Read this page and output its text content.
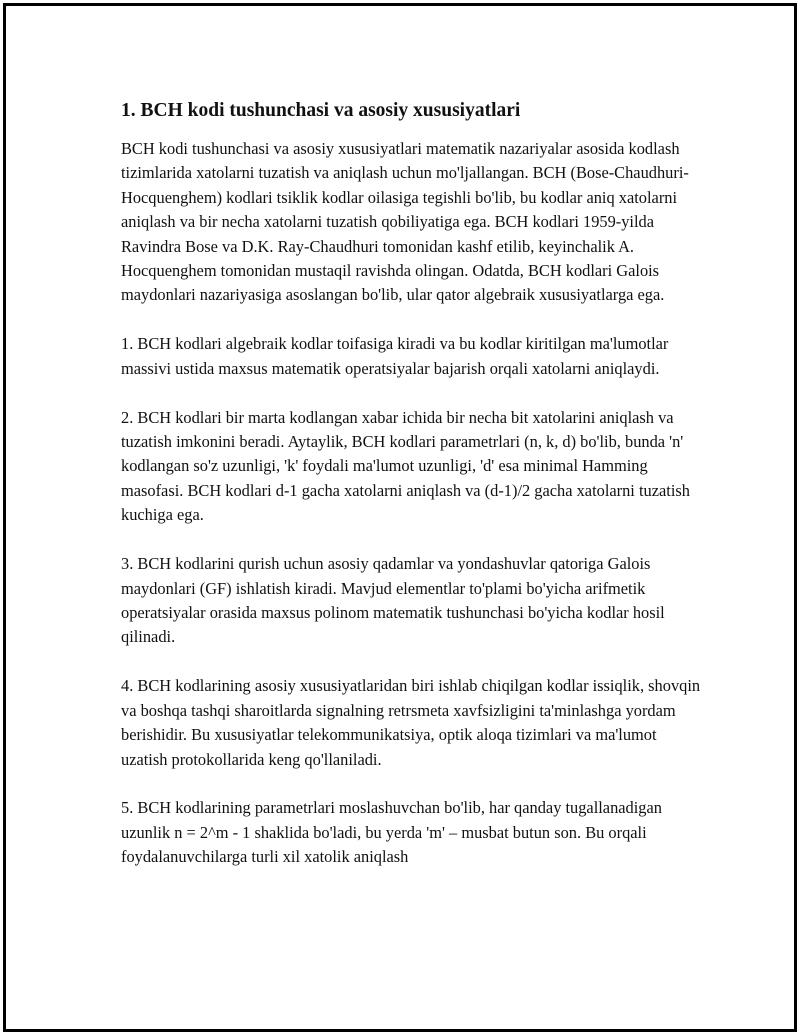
1. BCH kodi tushunchasi va asosiy xususiyatlari

BCH kodi tushunchasi va asosiy xususiyatlari matematik nazariyalar asosida kodlash tizimlarida xatolarni tuzatish va aniqlash uchun mo'ljallangan. BCH (Bose-Chaudhuri-Hocquenghem) kodlari tsiklik kodlar oilasiga tegishli bo'lib, bu kodlar aniq xatolarni aniqlash va bir necha xatolarni tuzatish qobiliyatiga ega. BCH kodlari 1959-yilda Ravindra Bose va D.K. Ray-Chaudhuri tomonidan kashf etilib, keyinchalik A. Hocquenghem tomonidan mustaqil ravishda olingan. Odatda, BCH kodlari Galois maydonlari nazariyasiga asoslangan bo'lib, ular qator algebraik xususiyatlarga ega.

1. BCH kodlari algebraik kodlar toifasiga kiradi va bu kodlar kiritilgan ma'lumotlar massivi ustida maxsus matematik operatsiyalar bajarish orqali xatolarni aniqlaydi.

2. BCH kodlari bir marta kodlangan xabar ichida bir necha bit xatolarini aniqlash va tuzatish imkonini beradi. Aytaylik, BCH kodlari parametrlari (n, k, d) bo'lib, bunda 'n' kodlangan so'z uzunligi, 'k' foydali ma'lumot uzunligi, 'd' esa minimal Hamming masofasi. BCH kodlari d-1 gacha xatolarni aniqlash va (d-1)/2 gacha xatolarni tuzatish kuchiga ega.

3. BCH kodlarini qurish uchun asosiy qadamlar va yondashuvlar qatoriga Galois maydonlari (GF) ishlatish kiradi. Mavjud elementlar to'plami bo'yicha arifmetik operatsiyalar orasida maxsus polinom matematik tushunchasi bo'yicha kodlar hosil qilinadi.

4. BCH kodlarining asosiy xususiyatlaridan biri ishlab chiqilgan kodlar issiqlik, shovqin va boshqa tashqi sharoitlarda signalning retrsmeta xavfsizligini ta'minlashga yordam berishidir. Bu xususiyatlar telekommunikatsiya, optik aloqa tizimlari va ma'lumot uzatish protokollarida keng qo'llaniladi.

5. BCH kodlarining parametrlari moslashuvchan bo'lib, har qanday tugallanadigan uzunlik n = 2^m - 1 shaklida bo'ladi, bu yerda 'm' – musbat butun son. Bu orqali foydalanuvchilarga turli xil xatolik aniqlash
